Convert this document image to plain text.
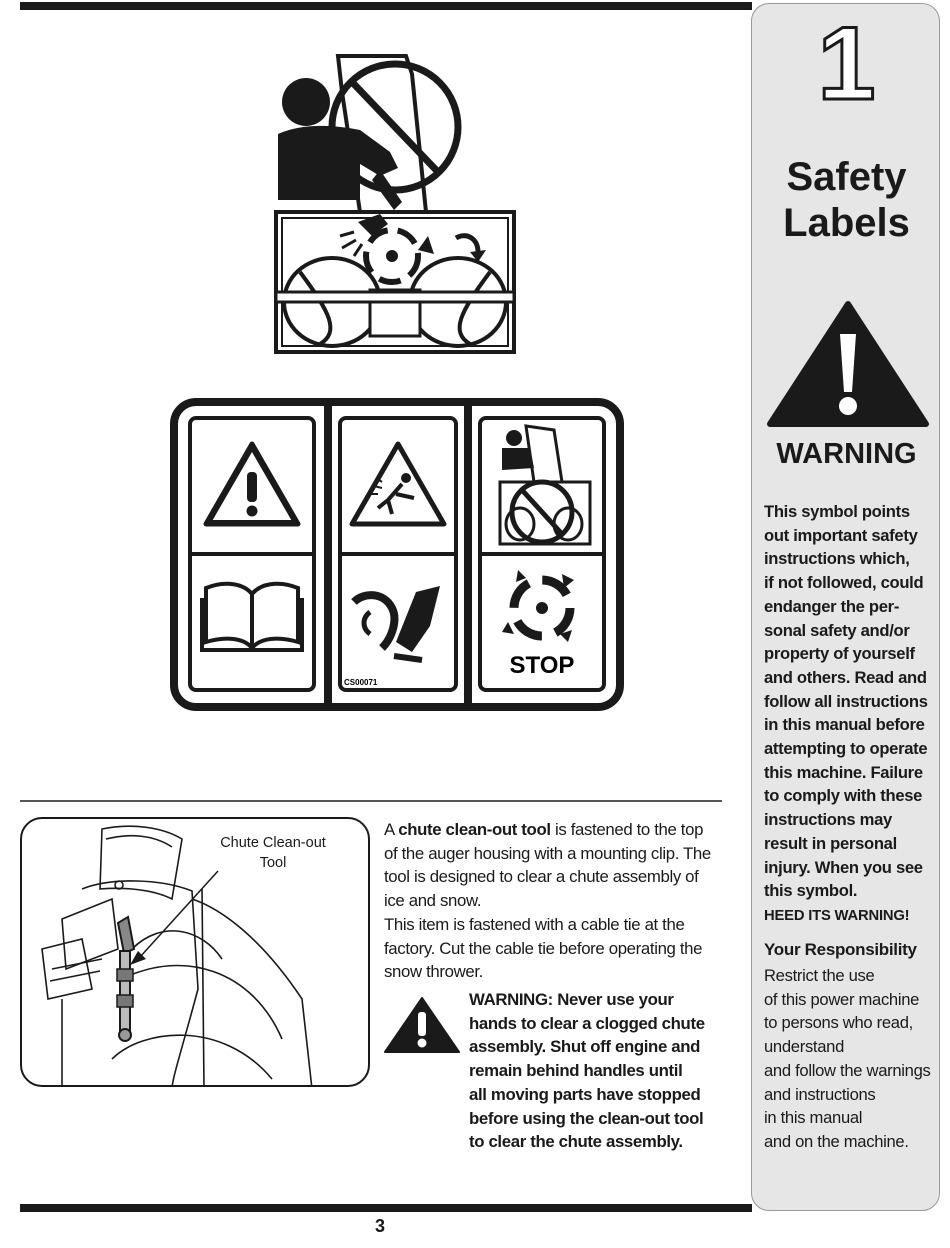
CS00071
STOP
Chute Clean-out
Tool
A chute clean-out tool is fastened to the top
of the auger housing with a mounting clip. The
tool is designed to clear a chute assembly of
ice and snow.
This item is fastened with a cable tie at the
factory. Cut the cable tie before operating the
snow thrower.
WARNING: Never use your
hands to clear a clogged chute
assembly. Shut off engine and
remain behind handles until
all moving parts have stopped
before using the clean-out tool
to clear the chute assembly.
1
Safety
Labels
WARNING
This symbol points
out important safety
instructions which,
if not followed, could
endanger the per-
sonal safety and/or
property of yourself
and others. Read and
follow all instructions
in this manual before
attempting to operate
this machine. Failure
to comply with these
instructions may
result in personal
injury. When you see
this symbol.
HEED ITS WARNING!
Your Responsibility
Restrict the use
of this power machine
to persons who read,
understand
and follow the warnings
and instructions
in this manual
and on the machine.
3
